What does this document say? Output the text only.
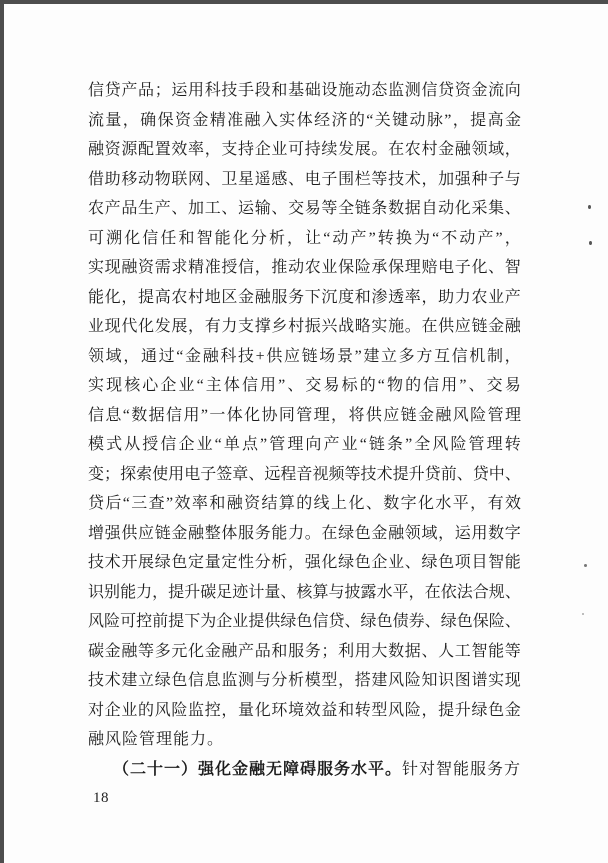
信 贷 产 品 ； 运 用 科 技 手 段 和 基 础 设 施 动 态 监 测 信 贷 资 金 流 向
流 量 ， 确 保 资 金 精 准 融 入 实 体 经 济 的 “ 关 键 动 脉 ” ， 提 高 金
融 资 源 配 置 效 率 ， 支 持 企 业 可 持 续 发 展 。 在 农 村 金 融 领 域 ，
借 助 移 动 物 联 网 、 卫 星 遥 感 、 电 子 围 栏 等 技 术 ， 加 强 种 子 与
农 产 品 生 产 、 加 工 、 运 输 、 交 易 等 全 链 条 数 据 自 动 化 采 集 、
可 溯 化 信 任 和 智 能 化 分 析 ， 让 “ 动 产 ” 转 换 为 “ 不 动 产 ” ，
实 现 融 资 需 求 精 准 授 信 ， 推 动 农 业 保 险 承 保 理 赔 电 子 化 、 智
能 化 ， 提 高 农 村 地 区 金 融 服 务 下 沉 度 和 渗 透 率 ， 助 力 农 业 产
业 现 代 化 发 展 ， 有 力 支 撑 乡 村 振 兴 战 略 实 施 。 在 供 应 链 金 融
领 域 ， 通 过 “ 金 融 科 技 + 供 应 链 场 景 ” 建 立 多 方 互 信 机 制 ，
实 现 核 心 企 业 “ 主 体 信 用 ” 、 交 易 标 的 “ 物 的 信 用 ” 、 交 易
信 息 “ 数 据 信 用 ” 一 体 化 协 同 管 理 ， 将 供 应 链 金 融 风 险 管 理
模 式 从 授 信 企 业 “ 单 点 ” 管 理 向 产 业 “ 链 条 ” 全 风 险 管 理 转
变 ； 探 索 使 用 电 子 签 章 、 远 程 音 视 频 等 技 术 提 升 贷 前 、 贷 中 、
贷 后 “ 三 查 ” 效 率 和 融 资 结 算 的 线 上 化 、 数 字 化 水 平 ， 有 效
增 强 供 应 链 金 融 整 体 服 务 能 力 。 在 绿 色 金 融 领 域 ， 运 用 数 字
技 术 开 展 绿 色 定 量 定 性 分 析 ， 强 化 绿 色 企 业 、 绿 色 项 目 智 能
识 别 能 力 ， 提 升 碳 足 迹 计 量 、 核 算 与 披 露 水 平 ， 在 依 法 合 规 、
风 险 可 控 前 提 下 为 企 业 提 供 绿 色 信 贷 、 绿 色 债 券 、 绿 色 保 险 、
碳 金 融 等 多 元 化 金 融 产 品 和 服 务 ； 利 用 大 数 据 、 人 工 智 能 等
技 术 建 立 绿 色 信 息 监 测 与 分 析 模 型 ， 搭 建 风 险 知 识 图 谱 实 现
对 企 业 的 风 险 监 控 ， 量 化 环 境 效 益 和 转 型 风 险 ， 提 升 绿 色 金
融风险管理能力。
（二十一）强化金融无障碍服务水平。针对智能服务方
18
